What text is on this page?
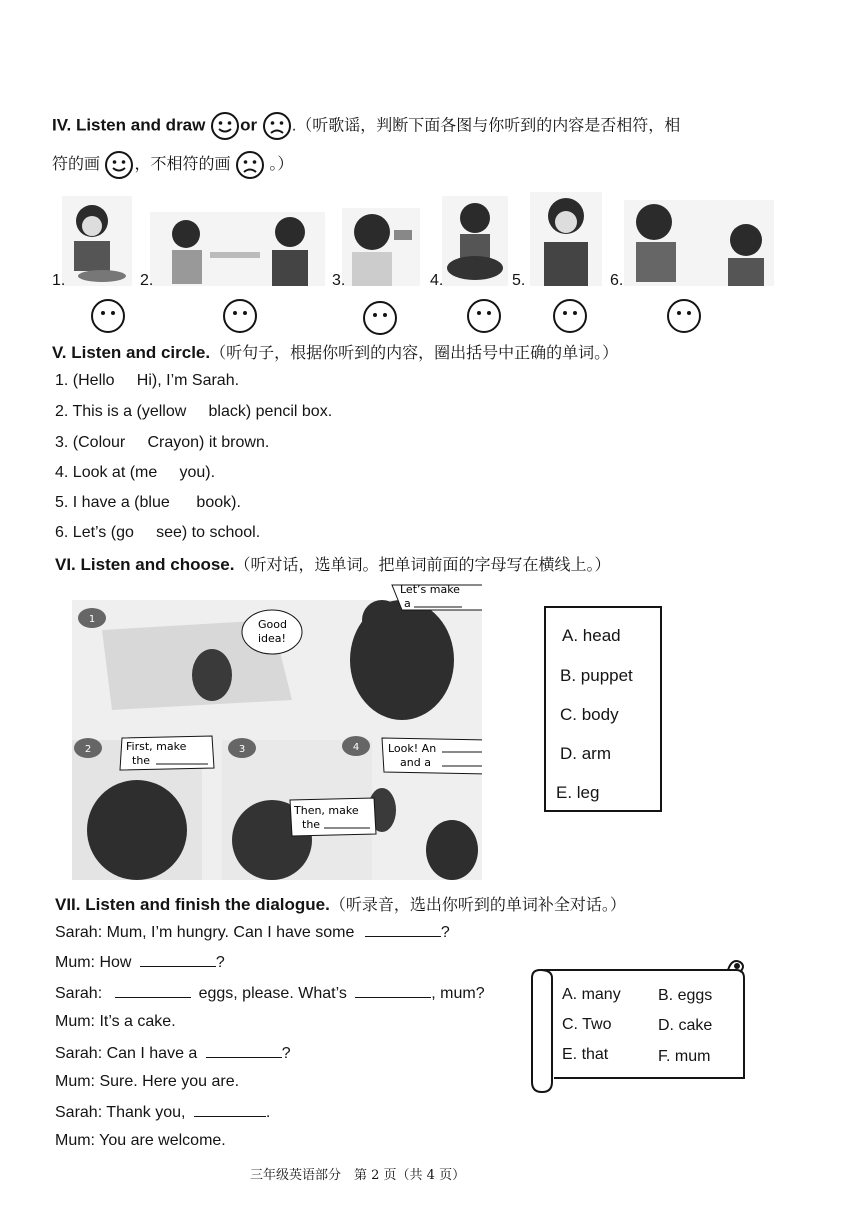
IV. Listen and draw or .（听歌谣，判断下面各图与你听到的内容是否相符，相
符的画 ，不相符的画 。）
1.	2.	3.	4.	5.	6.
V. Listen and circle.（听句子，根据你听到的内容，圈出括号中正确的单词。）
1. (Hello     Hi), I’m Sarah.
2. This is a (yellow     black) pencil box.
3. (Colour     Crayon) it brown.
4. Look at (me     you).
5. I have a (blue      book).
6. Let’s (go     see) to school.
VI. Listen and choose.（听对话，选单词。把单词前面的字母写在横线上。）
1
2	3	4
Let’s make
a
Good
idea!
First, make
the
Look! An
and a
Then, make
the
A. head
B. puppet
C. body
D. arm
E. leg
VII. Listen and finish the dialogue.（听录音，选出你听到的单词补全对话。）
Sarah: Mum, I’m hungry. Can I have some	?
Mum: How	?
Sarah:	eggs, please. What’s	, mum?
Mum: It’s a cake.
Sarah: Can I have a	?
Mum: Sure. Here you are.
Sarah: Thank you,	.
Mum: You are welcome.
A. many B. eggs
C. Two	D. cake
E. that	F. mum
三年级英语部分　第 2 页（共 4 页）
